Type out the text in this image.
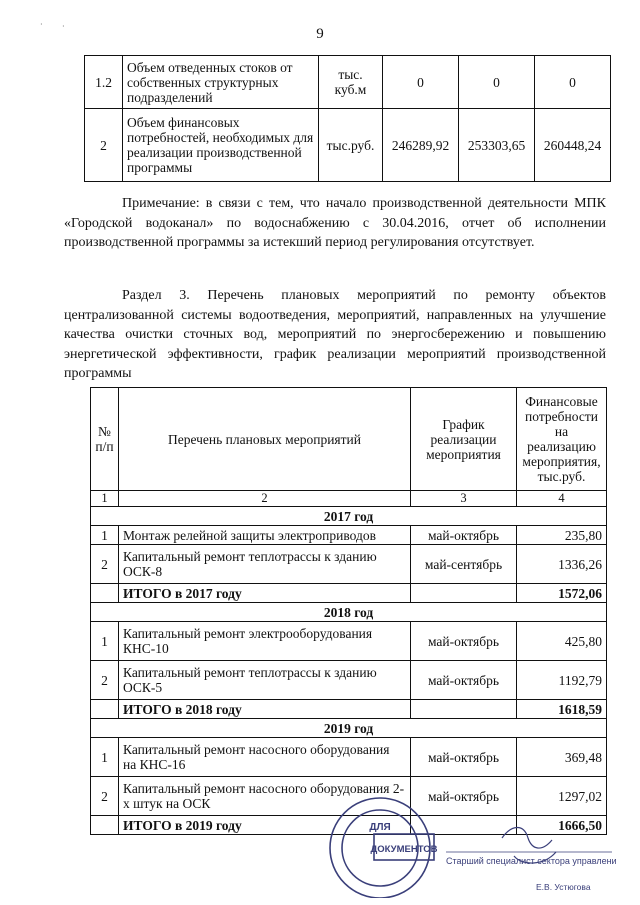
· ·	9
1.2	Объем отведенных стоков от собственных структурных подразделений	тыс. куб.м	0	0	0
2	Объем финансовых потребностей, необходимых для реализации производственной программы	тыс.руб.	246289,92	253303,65	260448,24

Примечание: в связи с тем, что начало производственной деятельности МПК «Городской водоканал» по водоснабжению с 30.04.2016, отчет об исполнении производственной программы за истекший период регулирования отсутствует.

Раздел 3. Перечень плановых мероприятий по ремонту объектов централизованной системы водоотведения, мероприятий, направленных на улучшение качества очистки сточных вод, мероприятий по энергосбережению и повышению энергетической эффективности, график реализации мероприятий производственной программы

№ п/п	Перечень плановых мероприятий	График реализации мероприятия	Финансовые потребности на реализацию мероприятия, тыс.руб.
1	2	3	4
2017 год			
1	Монтаж релейной защиты электроприводов	май-октябрь	235,80
2	Капитальный ремонт теплотрассы к зданию ОСК-8	май-сентябрь	1336,26
	ИТОГО в 2017 году		1572,06
2018 год			
1	Капитальный ремонт электрооборудования КНС-10	май-октябрь	425,80
2	Капитальный ремонт теплотрассы к зданию ОСК-5	май-октябрь	1192,79
	ИТОГО в 2018 году		1618,59
2019 год			
1	Капитальный ремонт насосного оборудования на КНС-16	май-октябрь	369,48
2	Капитальный ремонт насосного оборудования 2-х штук на ОСК	май-октябрь	1297,02
	ИТОГО в 2019 году		1666,50
ДЛЯ
ДОКУМЕНТОВ
Старший специалист сектора управления
Е.В. Устюгова
